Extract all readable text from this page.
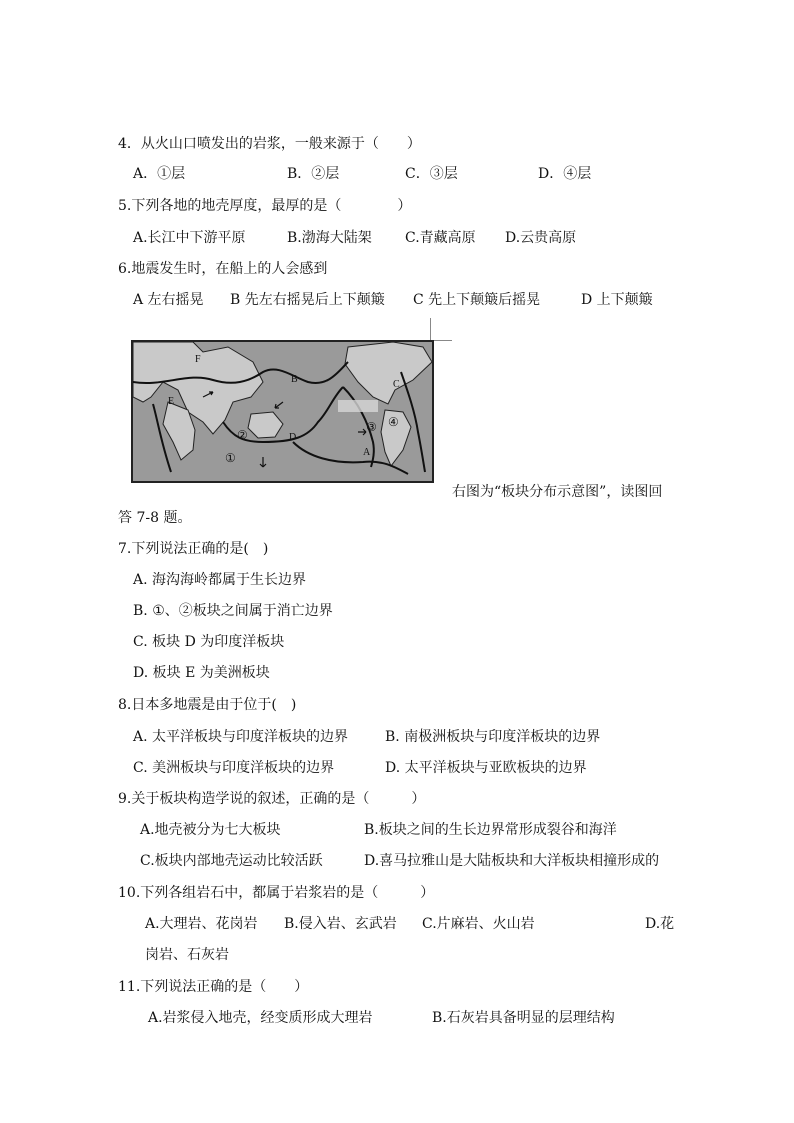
4．从火山口喷发出的岩浆，一般来源于（　　）
A．①层	B．②层	C．③层	D．④层
5.下列各地的地壳厚度，最厚的是（　　　　）
A.长江中下游平原	B.渤海大陆架 C.青藏高原 D.云贵高原
6.地震发生时，在船上的人会感到
A 左右摇晃 B 先左右摇晃后上下颠簸 C 先上下颠簸后摇晃	D 上下颠簸
F
B	C
E
②	D
③ ④
①	A
右图为“板块分布示意图”，读图回
答 7-8 题。
7.下列说法正确的是(　)
A. 海沟海岭都属于生长边界
B. ①、②板块之间属于消亡边界
C. 板块 D 为印度洋板块
D. 板块 E 为美洲板块
8.日本多地震是由于位于(　)
A. 太平洋板块与印度洋板块的边界	B. 南极洲板块与印度洋板块的边界
C. 美洲板块与印度洋板块的边界	D. 太平洋板块与亚欧板块的边界
9.关于板块构造学说的叙述，正确的是（　　　）
A.地壳被分为七大板块	B.板块之间的生长边界常形成裂谷和海洋
C.板块内部地壳运动比较活跃	D.喜马拉雅山是大陆板块和大洋板块相撞形成的
10.下列各组岩石中，都属于岩浆岩的是（　　　）
A.大理岩、花岗岩 B.侵入岩、玄武岩 C.片麻岩、火山岩	D.花
岗岩、石灰岩
11.下列说法正确的是（　　）
A.岩浆侵入地壳，经变质形成大理岩	B.石灰岩具备明显的层理结构
